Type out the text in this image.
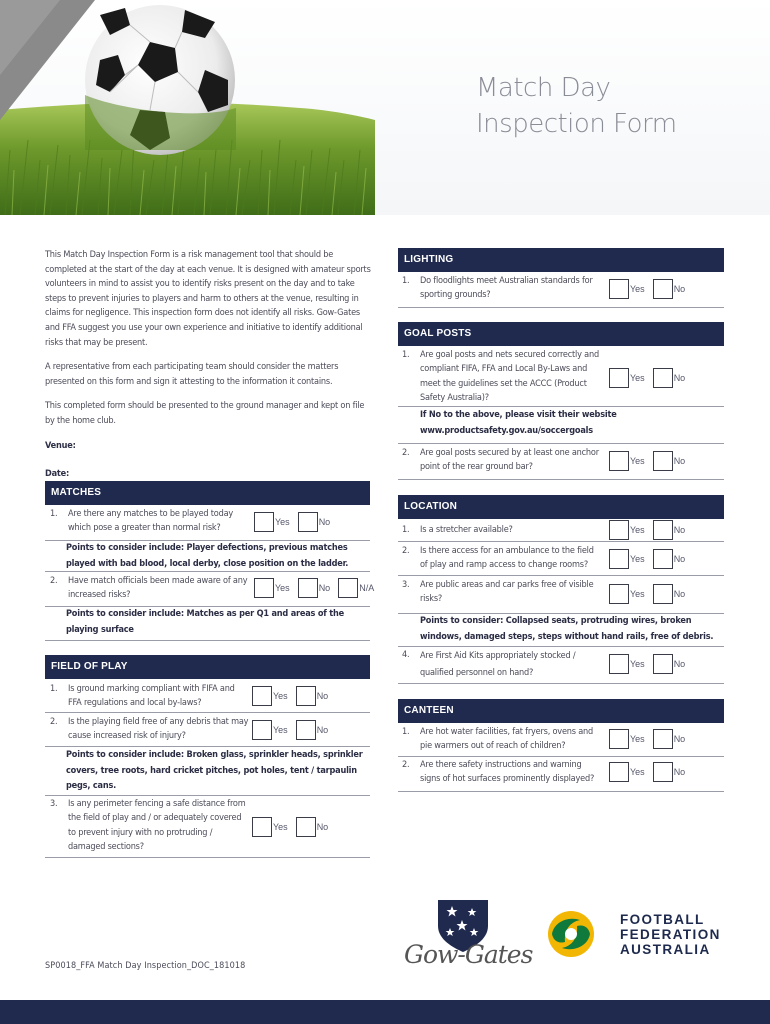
Match Day
Inspection Form

This Match Day Inspection Form is a risk management tool that should be completed at the start of the day at each venue. It is designed with amateur sports volunteers in mind to assist you to identify risks present on the day and to take steps to prevent injuries to players and harm to others at the venue, resulting in claims for negligence. This inspection form does not identify all risks. Gow-Gates and FFA suggest you use your own experience and initiative to identify additional risks that may be present.

A representative from each participating team should consider the matters presented on this form and sign it attesting to the information it contains.

This completed form should be presented to the ground manager and kept on file by the home club.

Venue:
Date:
MATCHES
1. Are there any matches to be played today which pose a greater than normal risk?
Yes	No
Points to consider include: Player defections, previous matches played with bad blood, local derby, close position on the ladder.
2. Have match officials been made aware of any increased risks?
Yes	No	N/A
Points to consider include: Matches as per Q1 and areas of the playing surface
FIELD OF PLAY
1. Is ground marking compliant with FIFA and FFA regulations and local by-laws?
Yes	No
2. Is the playing field free of any debris that may cause increased risk of injury?
Yes	No
Points to consider include: Broken glass, sprinkler heads, sprinkler covers, tree roots, hard cricket pitches, pot holes, tent / tarpaulin pegs, cans.
3. Is any perimeter fencing a safe distance from the field of play and / or adequately covered to prevent injury with no protruding / damaged sections?
Yes	No
LIGHTING
1. Do floodlights meet Australian standards for sporting grounds?
Yes	No
GOAL POSTS
1. Are goal posts and nets secured correctly and compliant FIFA, FFA and Local By-Laws and meet the guidelines set the ACCC (Product Safety Australia)?
Yes	No
If No to the above, please visit their website www.productsafety.gov.au/soccergoals
2. Are goal posts secured by at least one anchor point of the rear ground bar?
Yes	No
LOCATION
1. Is a stretcher available?	Yes	No
2. Is there access for an ambulance to the field of play and ramp access to change rooms?
Yes	No
3. Are public areas and car parks free of visible risks?
Yes	No
Points to consider: Collapsed seats, protruding wires, broken windows, damaged steps, steps without hand rails, free of debris.
4. Are First Aid Kits appropriately stocked / qualified personnel on hand?
Yes	No
CANTEEN
1. Are hot water facilities, fat fryers, ovens and pie warmers out of reach of children?
Yes	No
2. Are there safety instructions and warning signs of hot surfaces prominently displayed?
Yes	No
SP0018_FFA Match Day Inspection_DOC_181018	Gow-Gates
FOOTBALL
FEDERATION
AUSTRALIA
